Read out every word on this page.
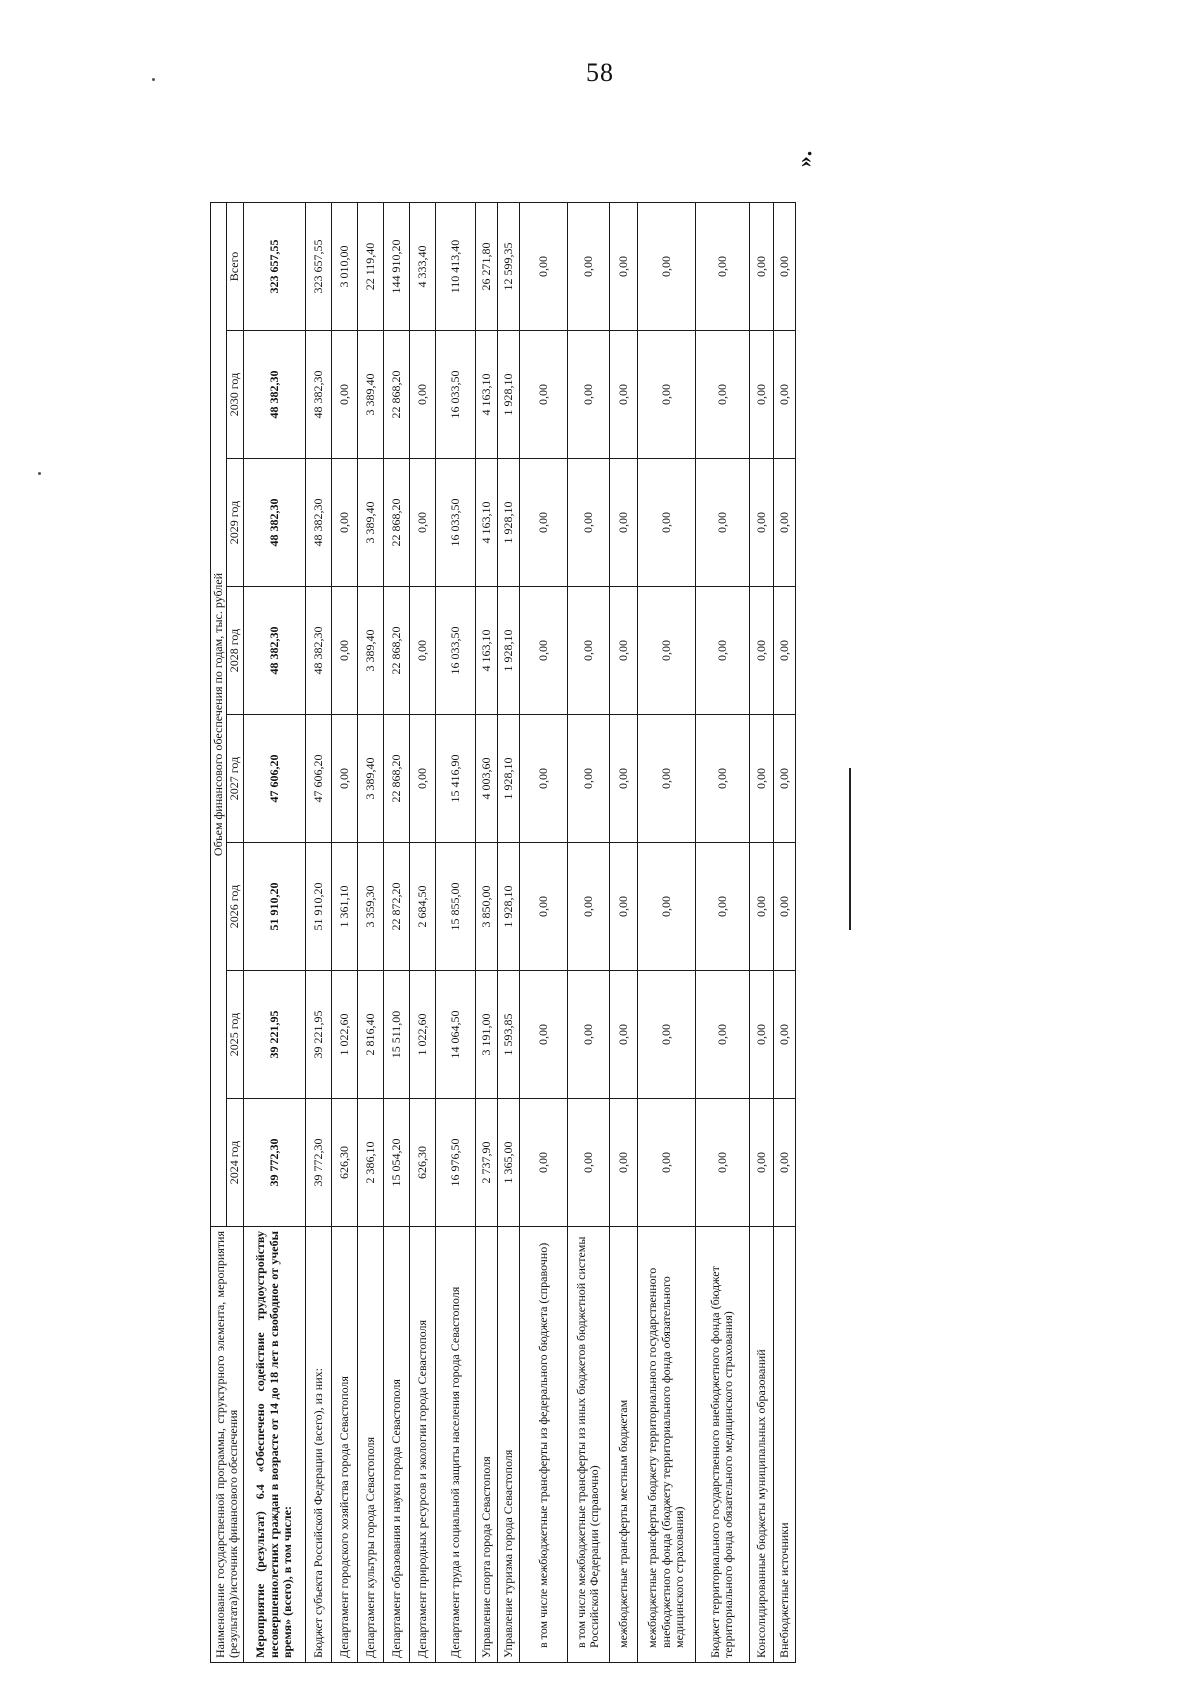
58
».
Наименование государственной программы, структурного элемента, мероприятия (результата)/источник финансового обеспечения	Объем финансового обеспечения по годам, тыс. рублей							
	2024 год	2025 год	2026 год	2027 год	2028 год	2029 год	2030 год	Всего
Мероприятие (результат) 6.4 «Обеспечено содействие трудоустройству несовершеннолетних граждан в возрасте от 14 до 18 лет в свободное от учебы время» (всего), в том числе:	39 772,30	39 221,95	51 910,20	47 606,20	48 382,30	48 382,30	48 382,30	323 657,55
Бюджет субъекта Российской Федерации (всего), из них:	39 772,30	39 221,95	51 910,20	47 606,20	48 382,30	48 382,30	48 382,30	323 657,55
Департамент городского хозяйства города Севастополя	626,30	1 022,60	1 361,10	0,00	0,00	0,00	0,00	3 010,00
Департамент культуры города Севастополя	2 386,10	2 816,40	3 359,30	3 389,40	3 389,40	3 389,40	3 389,40	22 119,40
Департамент образования и науки города Севастополя	15 054,20	15 511,00	22 872,20	22 868,20	22 868,20	22 868,20	22 868,20	144 910,20
Департамент природных ресурсов и экологии города Севастополя	626,30	1 022,60	2 684,50	0,00	0,00	0,00	0,00	4 333,40
Департамент труда и социальной защиты населения города Севастополя	16 976,50	14 064,50	15 855,00	15 416,90	16 033,50	16 033,50	16 033,50	110 413,40
Управление спорта города Севастополя	2 737,90	3 191,00	3 850,00	4 003,60	4 163,10	4 163,10	4 163,10	26 271,80
Управление туризма города Севастополя	1 365,00	1 593,85	1 928,10	1 928,10	1 928,10	1 928,10	1 928,10	12 599,35
в том числе межбюджетные трансферты из федерального бюджета (справочно)	0,00	0,00	0,00	0,00	0,00	0,00	0,00	0,00
в том числе межбюджетные трансферты из иных бюджетов бюджетной системы Российской Федерации (справочно)	0,00	0,00	0,00	0,00	0,00	0,00	0,00	0,00
межбюджетные трансферты местным бюджетам	0,00	0,00	0,00	0,00	0,00	0,00	0,00	0,00
межбюджетные трансферты бюджету территориального государственного внебюджетного фонда (бюджету территориального фонда обязательного медицинского страхования)	0,00	0,00	0,00	0,00	0,00	0,00	0,00	0,00
Бюджет территориального государственного внебюджетного фонда (бюджет территориального фонда обязательного медицинского страхования)	0,00	0,00	0,00	0,00	0,00	0,00	0,00	0,00
Консолидированные бюджеты муниципальных образований	0,00	0,00	0,00	0,00	0,00	0,00	0,00	0,00
Внебюджетные источники	0,00	0,00	0,00	0,00	0,00	0,00	0,00	0,00
